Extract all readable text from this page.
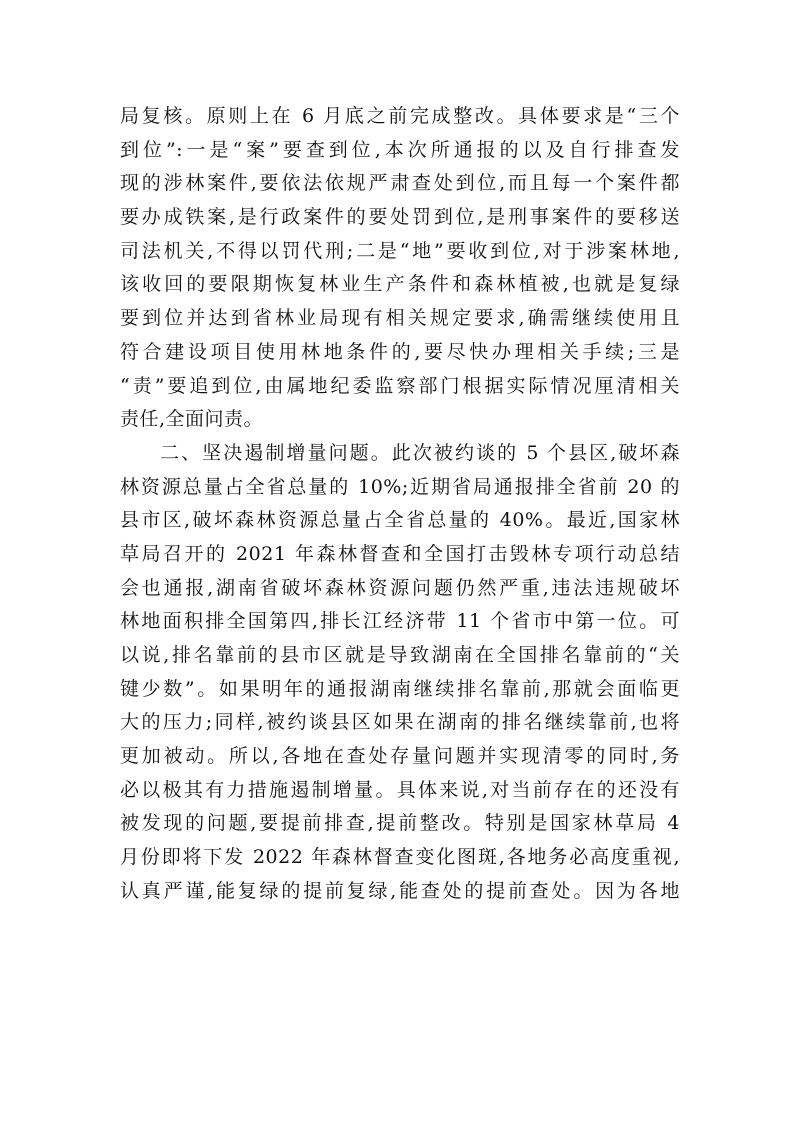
局复核。原则上在 6 月底之前完成整改。具体要求是“三个
到位”:一是“案”要查到位,本次所通报的以及自行排查发
现的涉林案件,要依法依规严肃查处到位,而且每一个案件都
要办成铁案,是行政案件的要处罚到位,是刑事案件的要移送
司法机关,不得以罚代刑;二是“地”要收到位,对于涉案林地,
该收回的要限期恢复林业生产条件和森林植被,也就是复绿
要到位并达到省林业局现有相关规定要求,确需继续使用且
符合建设项目使用林地条件的,要尽快办理相关手续;三是
“责”要追到位,由属地纪委监察部门根据实际情况厘清相关
责任,全面问责。
二、坚决遏制增量问题。此次被约谈的 5 个县区,破坏森
林资源总量占全省总量的 10%;近期省局通报排全省前 20 的
县市区,破坏森林资源总量占全省总量的 40%。最近,国家林
草局召开的 2021 年森林督查和全国打击毁林专项行动总结
会也通报,湖南省破坏森林资源问题仍然严重,违法违规破坏
林地面积排全国第四,排长江经济带 11 个省市中第一位。可
以说,排名靠前的县市区就是导致湖南在全国排名靠前的“关
键少数”。如果明年的通报湖南继续排名靠前,那就会面临更
大的压力;同样,被约谈县区如果在湖南的排名继续靠前,也将
更加被动。所以,各地在查处存量问题并实现清零的同时,务
必以极其有力措施遏制增量。具体来说,对当前存在的还没有
被发现的问题,要提前排查,提前整改。特别是国家林草局 4
月份即将下发 2022 年森林督查变化图斑,各地务必高度重视,
认真严谨,能复绿的提前复绿,能查处的提前查处。因为各地
